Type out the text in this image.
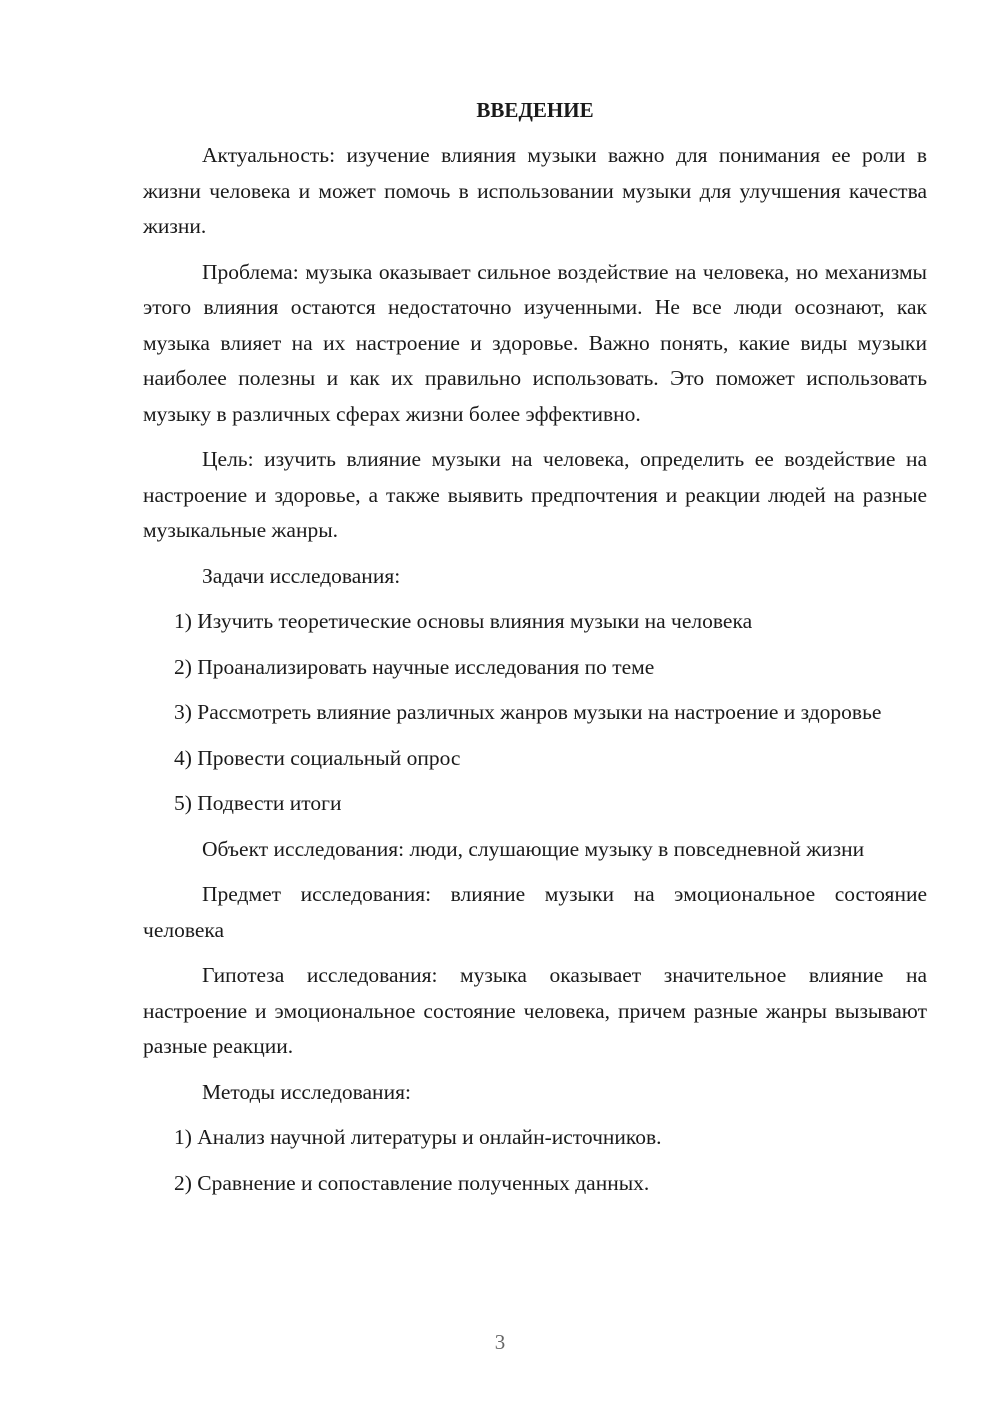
ВВЕДЕНИЕ
Актуальность: изучение влияния музыки важно для понимания ее роли в жизни человека и может помочь в использовании музыки для улучшения качества жизни.
Проблема: музыка оказывает сильное воздействие на человека, но механизмы этого влияния остаются недостаточно изученными. Не все люди осознают, как музыка влияет на их настроение и здоровье. Важно понять, какие виды музыки наиболее полезны и как их правильно использовать. Это поможет использовать музыку в различных сферах жизни более эффективно.
Цель: изучить влияние музыки на человека, определить ее воздействие на настроение и здоровье, а также выявить предпочтения и реакции людей на разные музыкальные жанры.
Задачи исследования:
1) Изучить теоретические основы влияния музыки на человека
2) Проанализировать научные исследования по теме
3) Рассмотреть влияние различных жанров музыки на настроение и здоровье
4) Провести социальный опрос
5) Подвести итоги
Объект исследования: люди, слушающие музыку в повседневной жизни
Предмет исследования: влияние музыки на эмоциональное состояние человека
Гипотеза исследования: музыка оказывает значительное влияние на настроение и эмоциональное состояние человека, причем разные жанры вызывают разные реакции.
Методы исследования:
1) Анализ научной литературы и онлайн-источников.
2) Сравнение и сопоставление полученных данных.
3
